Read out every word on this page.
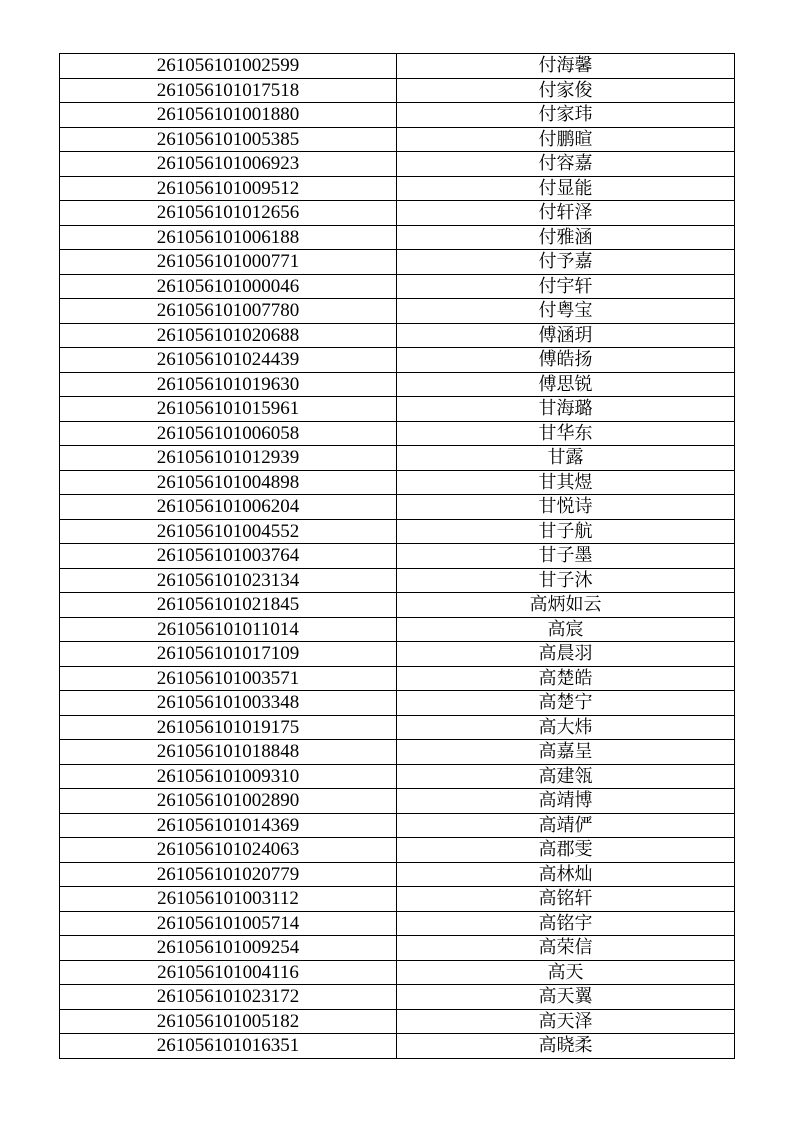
261056101002599	付海馨
261056101017518	付家俊
261056101001880	付家玮
261056101005385	付鹏暄
261056101006923	付容嘉
261056101009512	付显能
261056101012656	付轩泽
261056101006188	付雅涵
261056101000771	付予嘉
261056101000046	付宇轩
261056101007780	付粤宝
261056101020688	傅涵玥
261056101024439	傅皓扬
261056101019630	傅思锐
261056101015961	甘海璐
261056101006058	甘华东
261056101012939	甘露
261056101004898	甘其煜
261056101006204	甘悦诗
261056101004552	甘子航
261056101003764	甘子墨
261056101023134	甘子沐
261056101021845	高炳如云
261056101011014	高宸
261056101017109	高晨羽
261056101003571	高楚皓
261056101003348	高楚宁
261056101019175	高大炜
261056101018848	高嘉呈
261056101009310	高建瓴
261056101002890	高靖博
261056101014369	高靖俨
261056101024063	高郡雯
261056101020779	高林灿
261056101003112	高铭轩
261056101005714	高铭宇
261056101009254	高荣信
261056101004116	高天
261056101023172	高天翼
261056101005182	高天泽
261056101016351	高晓柔
